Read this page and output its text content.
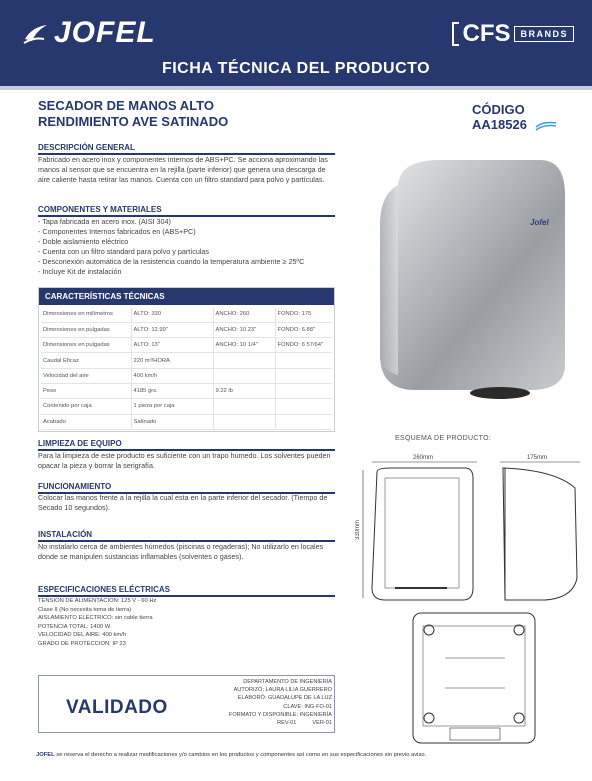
JOFEL	CFS	BRANDS
FICHA TÉCNICA DEL PRODUCTO
SECADOR DE MANOS ALTO
RENDIMIENTO AVE SATINADO
CÓDIGO
AA18526
DESCRIPCIÓN GENERAL
Fabricado en acero inox y componentes internos de ABS+PC. Se acciona aproximando las manos al sensor que se encuentra en la rejilla (parte inferior) que genera una descarga de aire caliente hasta retirar las manos. Cuenta con un filtro standard para polvo y partículas.
COMPONENTES Y MATERIALES
- Tapa fabricada en acero inox. (AISI 304)
- Componentes Internos fabricados en (ABS+PC)
- Doble aislamiento eléctrico
- Cuenta con un filtro standard para polvo y partículas
- Desconexión automática de la resistencia cuando la temperatura ambiente ≥ 25ºC
- Incluye Kit de instalación
CARACTERÍSTICAS TÉCNICAS
Dimensiones en milímetros	ALTO: 330	ANCHO: 260	FONDO: 175
Dimensiones en pulgadas	ALTO: 12.99"	ANCHO: 10.23"	FONDO: 6.88"
Dimensiones en pulgadas	ALTO: 13"	ANCHO: 10 1/4"	FONDO: 6 57/64"
Caudal Eficaz	220 m³/HORA		
Velocidad del aire	400 km/h		
Peso	4185 grs.	9.22 lb	
Contenido por caja	1 pieza por caja		
Acabado	Satinado		
Jofel
LIMPIEZA DE EQUIPO
Para la limpieza de este producto es suficiente con un trapo humedo. Los solventes pueden opacar la pieza y borrar la serigrafía.
FUNCIONAMIENTO
Colocar las manos frente a la rejilla la cual esta en la parte inferior del secador. (Tiempo de Secado 10 segundos).
INSTALACIÓN
No instalarlo cerca de ambientes húmedos (piscinas o regaderas); No utilizarlo en locales donde se manipulen sustancias inflamables (solventes o gases).
ESPECIFICACIONES ELÉCTRICAS
TENSION DE ALIMENTACION: 125 V - 60 Hz
Clase II (No necesita toma de tierra)
AISLAMIENTO ELECTRICO: sin cable tierra
POTENCIA TOTAL: 1400 W
VELOCIDAD DEL AIRE: 400 km/h
GRADO DE PROTECCION: IP 23
ESQUEMA DE PRODUCTO:
260mm
330mm
175mm
VALIDADO
DEPARTAMENTO DE INGENIERÍA
AUTORIZÓ: LAURA LILIA GUERRERO
ELABORÓ: GUADALUPE DE LA LUZ
CLAVE: ING-FO-01
FORMATO Y DISPONIBLE: INGENIERÍA
REV-01	VER-01
JOFEL se reserva el derecho a realizar modificaciones y/o cambios en los productos y componentes así como en sus especificaciones sin previo aviso.
